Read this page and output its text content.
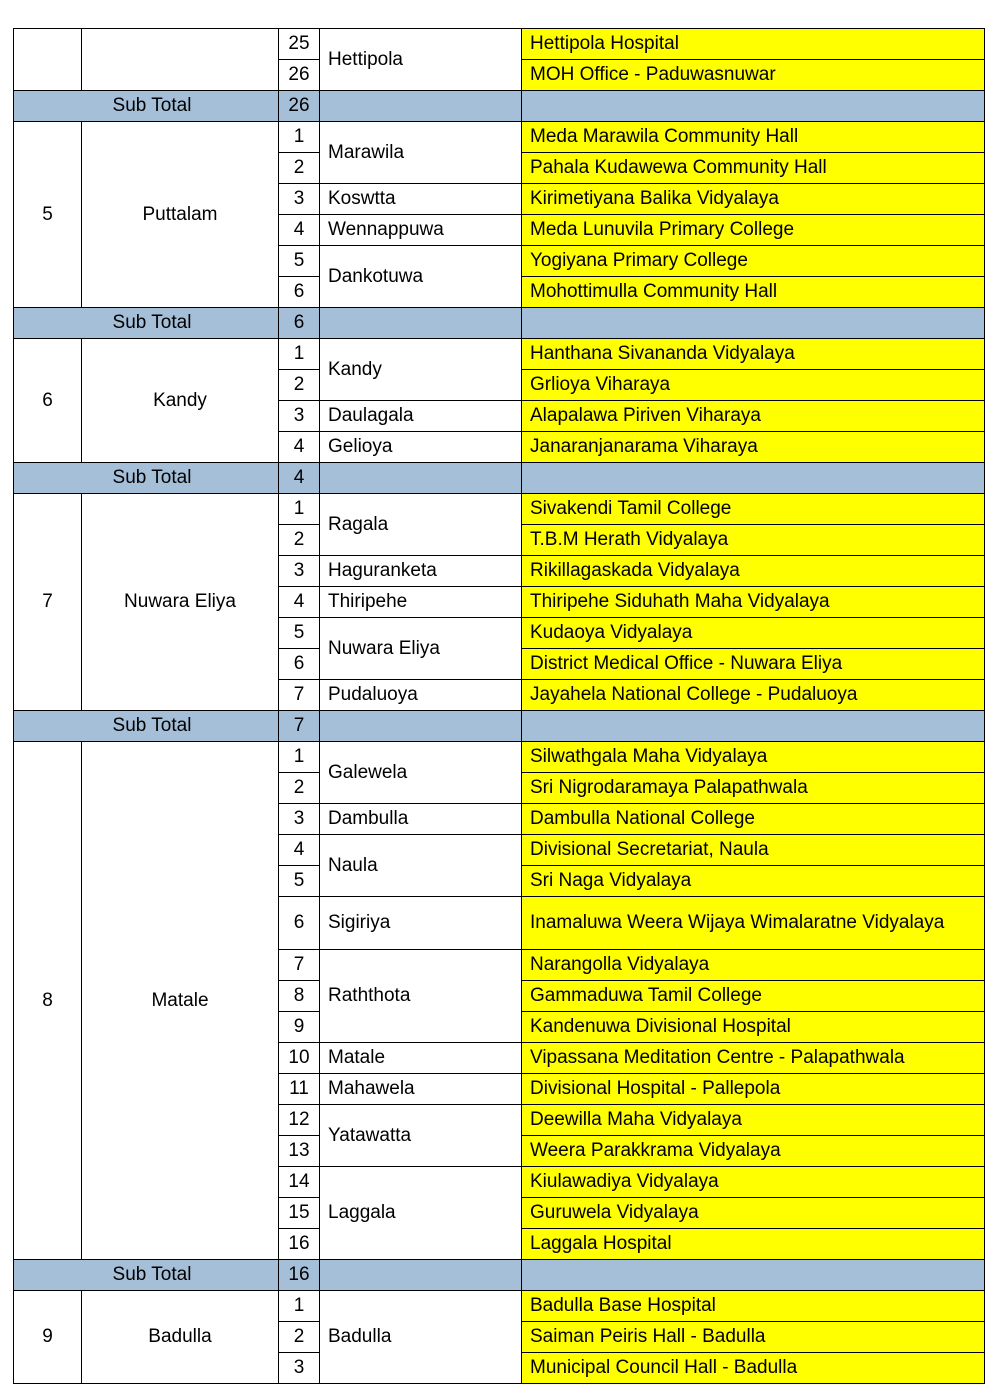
		25	Hettipola	Hettipola Hospital
		26		MOH Office - Paduwasnuwar
Sub Total		26		
5	Puttalam	1	Marawila	Meda Marawila Community Hall
		2		Pahala Kudawewa Community Hall
		3	Koswtta	Kirimetiyana Balika Vidyalaya
		4	Wennappuwa	Meda Lunuvila Primary College
		5	Dankotuwa	Yogiyana Primary College
		6		Mohottimulla Community Hall
Sub Total		6		
6	Kandy	1	Kandy	Hanthana Sivananda Vidyalaya
		2		Grlioya Viharaya
		3	Daulagala	Alapalawa Piriven Viharaya
		4	Gelioya	Janaranjanarama Viharaya
Sub Total		4		
7	Nuwara Eliya	1	Ragala	Sivakendi Tamil College
		2		T.B.M Herath Vidyalaya
		3	Haguranketa	Rikillagaskada Vidyalaya
		4	Thiripehe	Thiripehe Siduhath Maha Vidyalaya
		5	Nuwara Eliya	Kudaoya Vidyalaya
		6		District Medical Office - Nuwara Eliya
		7	Pudaluoya	Jayahela National College - Pudaluoya
Sub Total		7		
8	Matale	1	Galewela	Silwathgala Maha Vidyalaya
		2		Sri Nigrodaramaya Palapathwala
		3	Dambulla	Dambulla National College
		4	Naula	Divisional Secretariat, Naula
		5		Sri Naga Vidyalaya
		6	Sigiriya	Inamaluwa Weera Wijaya Wimalaratne Vidyalaya
		7	Raththota	Narangolla Vidyalaya
		8		Gammaduwa Tamil College
		9		Kandenuwa Divisional Hospital
		10	Matale	Vipassana Meditation Centre - Palapathwala
		11	Mahawela	Divisional Hospital - Pallepola
		12	Yatawatta	Deewilla Maha Vidyalaya
		13		Weera Parakkrama Vidyalaya
		14	Laggala	Kiulawadiya Vidyalaya
		15		Guruwela Vidyalaya
		16		Laggala Hospital
Sub Total		16		
9	Badulla	1	Badulla	Badulla Base Hospital
		2		Saiman Peiris Hall - Badulla
		3		Municipal Council Hall - Badulla
